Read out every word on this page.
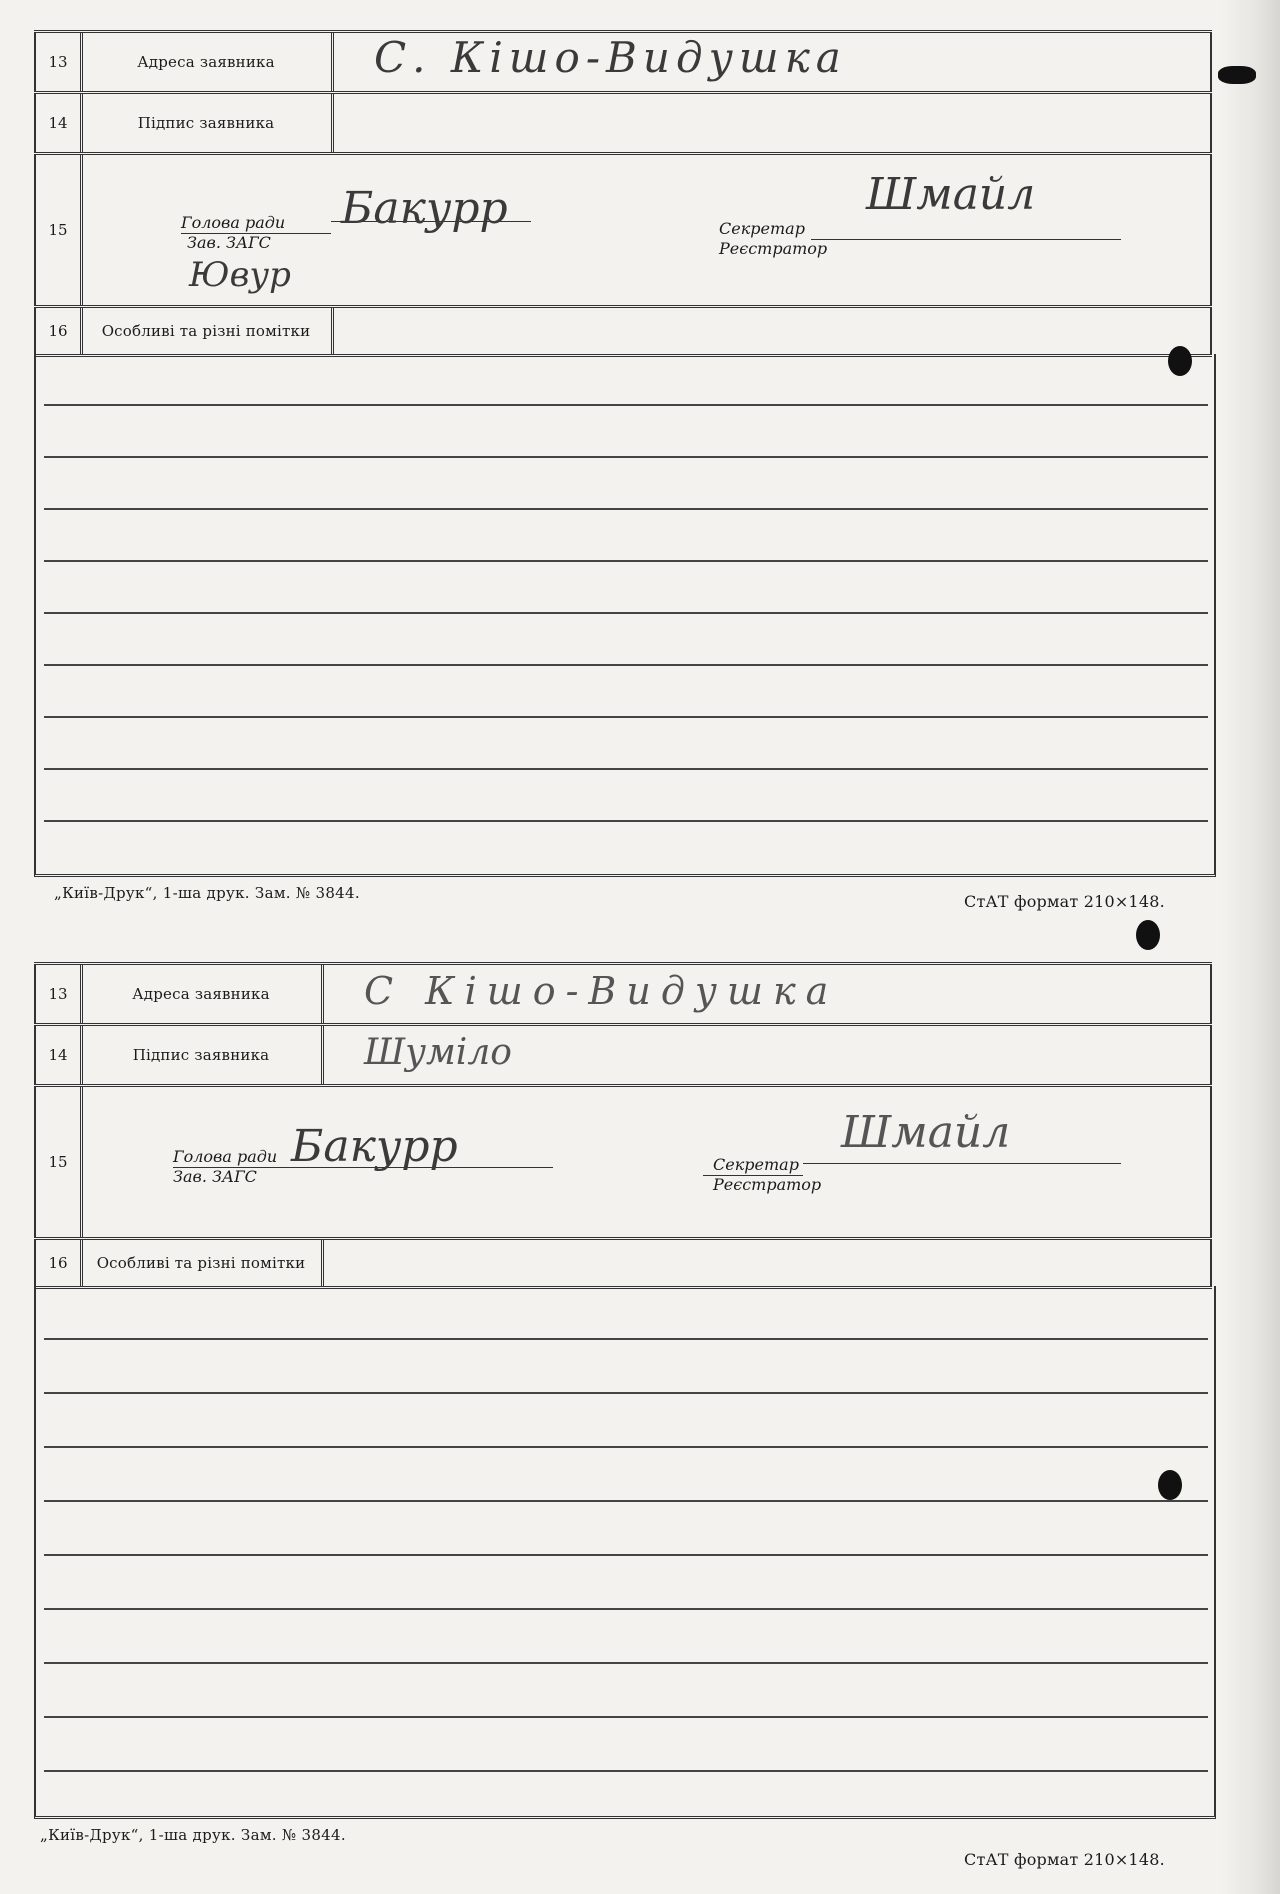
13	Адреса заявника	С. Кішо-Видушка
14	Підпис заявника
15	Голова ради
Зав. ЗАГС
Бакурр
Ювур
Секретар
Реєстратор
Шмайл
16	Особливі та різні помітки
„Київ-Друк“, 1-ша друк. Зам. № 3844.	СтАТ формат 210×148.
13	Адреса заявника	С Кішо-Видушка
14	Підпис заявника	Шуміло
15	Голова ради
Зав. ЗАГС
Бакурр	Секретар
Реєстратор
Шмайл
16	Особливі та різні помітки
„Київ-Друк“, 1-ша друк. Зам. № 3844.
СтАТ формат 210×148.
